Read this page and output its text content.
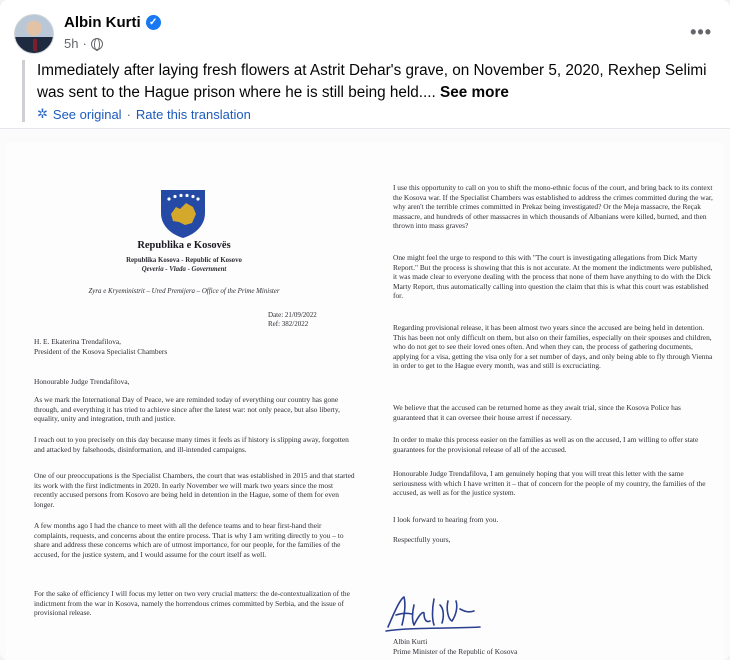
Albin Kurti ✓
5h ·
•••
Immediately after laying fresh flowers at Astrit Dehar's grave, on November 5, 2020, Rexhep Selimi was sent to the Hague prison where he is still being held.... See more
✲ See original · Rate this translation
Republika e Kosovës
Republika Kosova - Republic of Kosovo
Qeveria - Vlada - Government
Zyra e Kryeministrit – Ured Premijera – Office of the Prime Minister
Date: 21/09/2022
Ref: 382/2022
H. E. Ekaterina Trendafilova,
President of the Kosova Specialist Chambers
Honourable Judge Trendafilova,
As we mark the International Day of Peace, we are reminded today of everything our country has gone through, and everything it has tried to achieve since after the latest war: not only peace, but also liberty, equality, unity and integration, truth and justice.
I reach out to you precisely on this day because many times it feels as if history is slipping away, forgotten and attacked by falsehoods, disinformation, and ill-intended campaigns.
One of our preoccupations is the Specialist Chambers, the court that was established in 2015 and that started its work with the first indictments in 2020. In early November we will mark two years since the most recently accused persons from Kosovo are being held in detention in the Hague, some of them for even longer.
A few months ago I had the chance to meet with all the defence teams and to hear first-hand their complaints, requests, and concerns about the entire process. That is why I am writing directly to you – to share and address these concerns which are of utmost importance, for our people, for the families of the accused, for the justice system, and I would assume for the court itself as well.
For the sake of efficiency I will focus my letter on two very crucial matters: the de-contextualization of the indictment from the war in Kosova, namely the horrendous crimes committed by Serbia, and the issue of provisional release.
I use this opportunity to call on you to shift the mono-ethnic focus of the court, and bring back to its context the Kosova war. If the Specialist Chambers was established to address the crimes committed during the war, why aren't the terrible crimes committed in Prekaz being investigated? Or the Meja massacre, the Reçak massacre, and hundreds of other massacres in which thousands of Albanians were killed, burned, and then thrown into mass graves?
One might feel the urge to respond to this with "The court is investigating allegations from Dick Marty Report." But the process is showing that this is not accurate. At the moment the indictments were published, it was made clear to everyone dealing with the process that none of them have anything to do with the Dick Marty Report, thus automatically calling into question the claim that this is what this court was established for.
Regarding provisional release, it has been almost two years since the accused are being held in detention. This has been not only difficult on them, but also on their families, especially on their spouses and children, who do not get to see their loved ones often. And when they can, the process of gathering documents, applying for a visa, getting the visa only for a set number of days, and only being able to fly through Vienna in order to get to the Hague every month, was and still is excruciating.
We believe that the accused can be returned home as they await trial, since the Kosova Police has guaranteed that it can oversee their house arrest if necessary.
In order to make this process easier on the families as well as on the accused, I am willing to offer state guarantees for the provisional release of all of the accused.
Honourable Judge Trendafilova, I am genuinely hoping that you will treat this letter with the same seriousness with which I have written it – that of concern for the people of my country, the families of the accused, as well as for the justice system.
I look forward to hearing from you.
Respectfully yours,
Albin Kurti
Prime Minister of the Republic of Kosova
